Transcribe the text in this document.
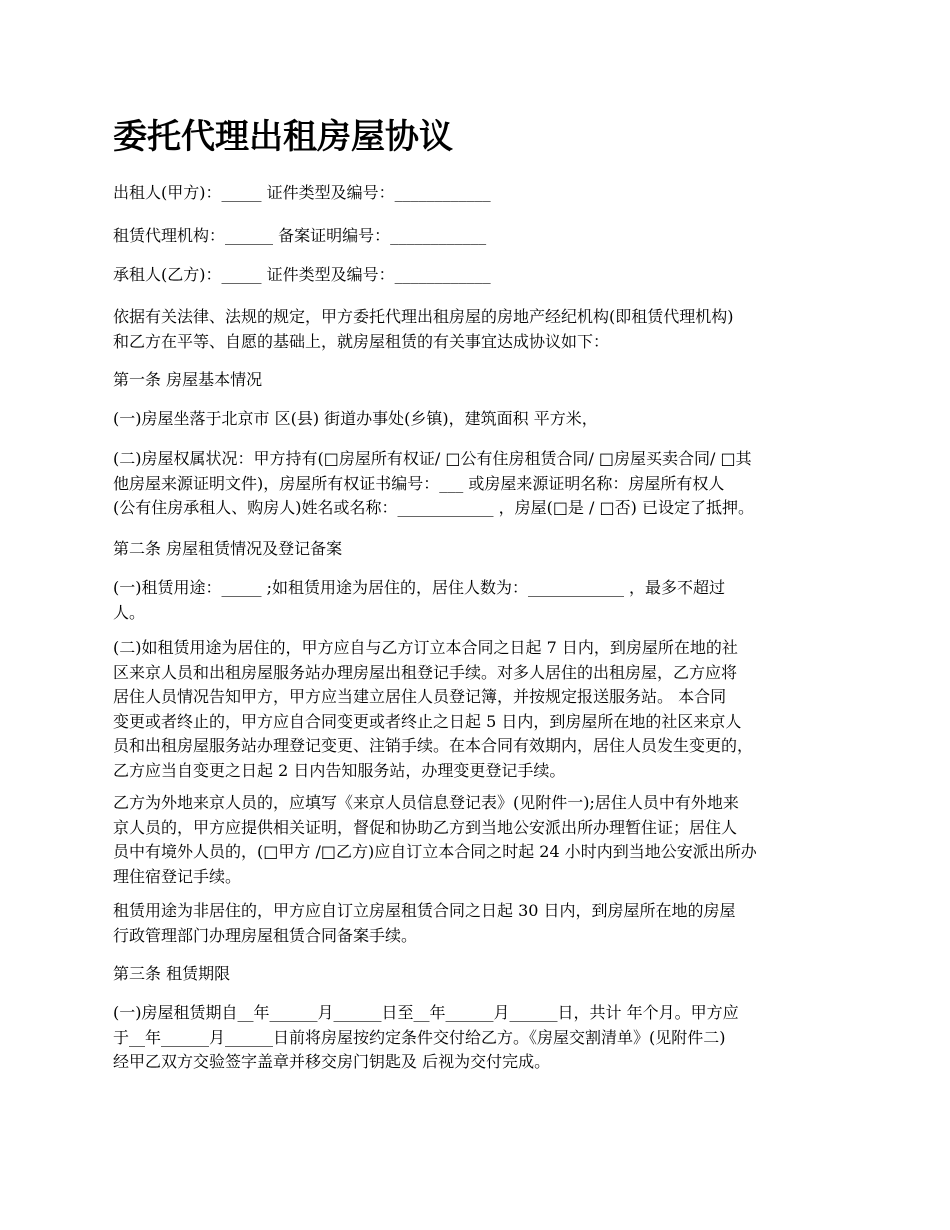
委托代理出租房屋协议
出租人(甲方)：_____ 证件类型及编号：____________
租赁代理机构：______ 备案证明编号：____________
承租人(乙方)：_____ 证件类型及编号：____________
依据有关法律、法规的规定，甲方委托代理出租房屋的房地产经纪机构(即租赁代理机构)
和乙方在平等、自愿的基础上，就房屋租赁的有关事宜达成协议如下：
第一条 房屋基本情况
(一)房屋坐落于北京市 区(县) 街道办事处(乡镇)，建筑面积 平方米，
(二)房屋权属状况：甲方持有(□房屋所有权证/ □公有住房租赁合同/ □房屋买卖合同/ □其
他房屋来源证明文件)，房屋所有权证书编号：___ 或房屋来源证明名称：房屋所有权人
(公有住房承租人、购房人)姓名或名称：____________ ，房屋(□是 / □否) 已设定了抵押。
第二条 房屋租赁情况及登记备案
(一)租赁用途：_____ ;如租赁用途为居住的，居住人数为：____________ ，最多不超过
人。
(二)如租赁用途为居住的，甲方应自与乙方订立本合同之日起 7 日内，到房屋所在地的社
区来京人员和出租房屋服务站办理房屋出租登记手续。对多人居住的出租房屋，乙方应将
居住人员情况告知甲方，甲方应当建立居住人员登记簿，并按规定报送服务站。 本合同
变更或者终止的，甲方应自合同变更或者终止之日起 5 日内，到房屋所在地的社区来京人
员和出租房屋服务站办理登记变更、注销手续。在本合同有效期内，居住人员发生变更的，
乙方应当自变更之日起 2 日内告知服务站，办理变更登记手续。
乙方为外地来京人员的，应填写《来京人员信息登记表》(见附件一);居住人员中有外地来
京人员的，甲方应提供相关证明，督促和协助乙方到当地公安派出所办理暂住证；居住人
员中有境外人员的，(□甲方 /□乙方)应自订立本合同之时起 24 小时内到当地公安派出所办
理住宿登记手续。
租赁用途为非居住的，甲方应自订立房屋租赁合同之日起 30 日内，到房屋所在地的房屋
行政管理部门办理房屋租赁合同备案手续。
第三条 租赁期限
(一)房屋租赁期自__年______月______日至__年______月______日，共计 年个月。甲方应
于__年______月______日前将房屋按约定条件交付给乙方。《房屋交割清单》(见附件二)
经甲乙双方交验签字盖章并移交房门钥匙及 后视为交付完成。
